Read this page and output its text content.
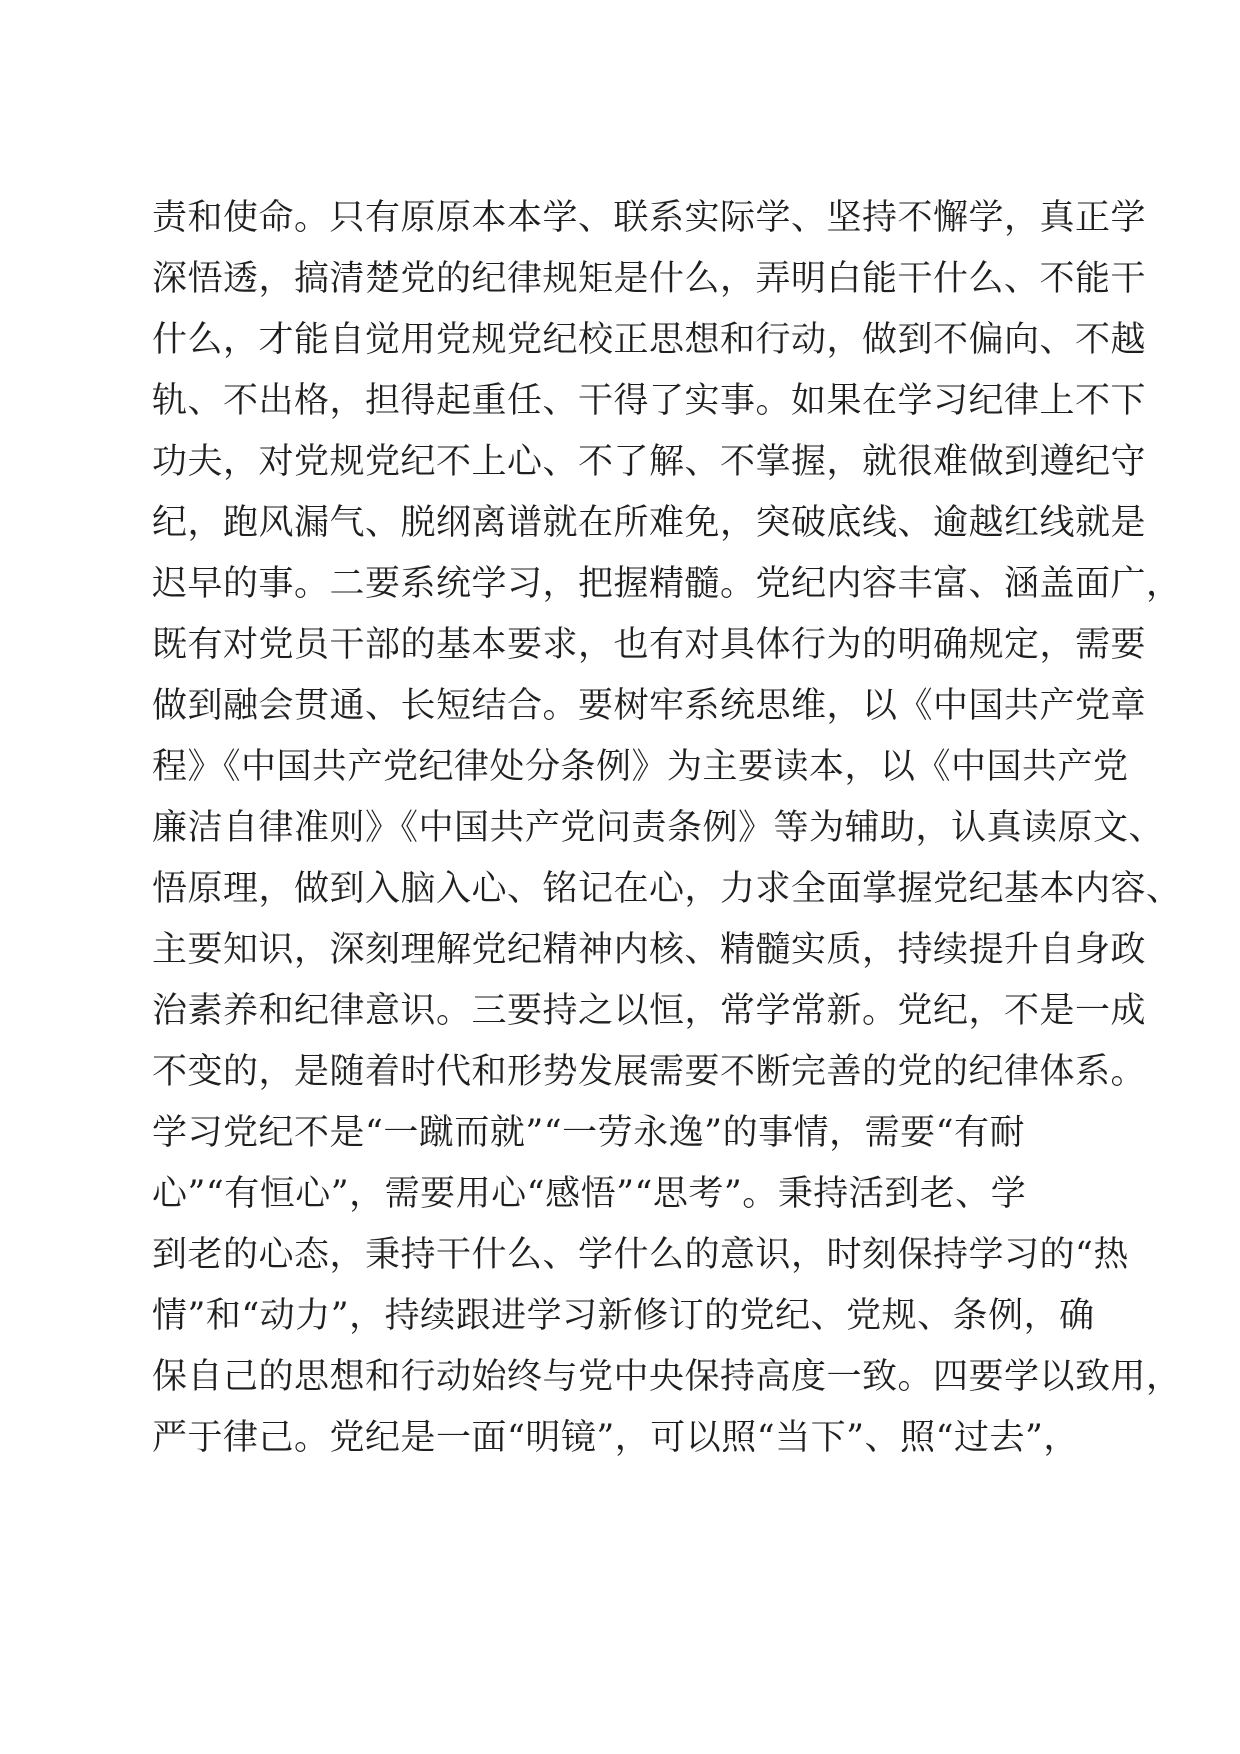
责和使命。只有原原本本学、联系实际学、坚持不懈学，真正学
深悟透，搞清楚党的纪律规矩是什么，弄明白能干什么、不能干
什么，才能自觉用党规党纪校正思想和行动，做到不偏向、不越
轨、不出格，担得起重任、干得了实事。如果在学习纪律上不下
功夫，对党规党纪不上心、不了解、不掌握，就很难做到遵纪守
纪，跑风漏气、脱纲离谱就在所难免，突破底线、逾越红线就是
迟早的事。二要系统学习，把握精髓。党纪内容丰富、涵盖面广，
既有对党员干部的基本要求，也有对具体行为的明确规定，需要
做到融会贯通、长短结合。要树牢系统思维，以《中国共产党章
程》《中国共产党纪律处分条例》为主要读本，以《中国共产党
廉洁自律准则》《中国共产党问责条例》等为辅助，认真读原文、
悟原理，做到入脑入心、铭记在心，力求全面掌握党纪基本内容、
主要知识，深刻理解党纪精神内核、精髓实质，持续提升自身政
治素养和纪律意识。三要持之以恒，常学常新。党纪，不是一成
不变的，是随着时代和形势发展需要不断完善的党的纪律体系。
学习党纪不是“一蹴而就”“一劳永逸”的事情，需要“有耐
心”“有恒心”，需要用心“感悟”“思考”。秉持活到老、学
到老的心态，秉持干什么、学什么的意识，时刻保持学习的“热
情”和“动力”，持续跟进学习新修订的党纪、党规、条例，确
保自己的思想和行动始终与党中央保持高度一致。四要学以致用，
严于律己。党纪是一面“明镜”，可以照“当下”、照“过去”，
